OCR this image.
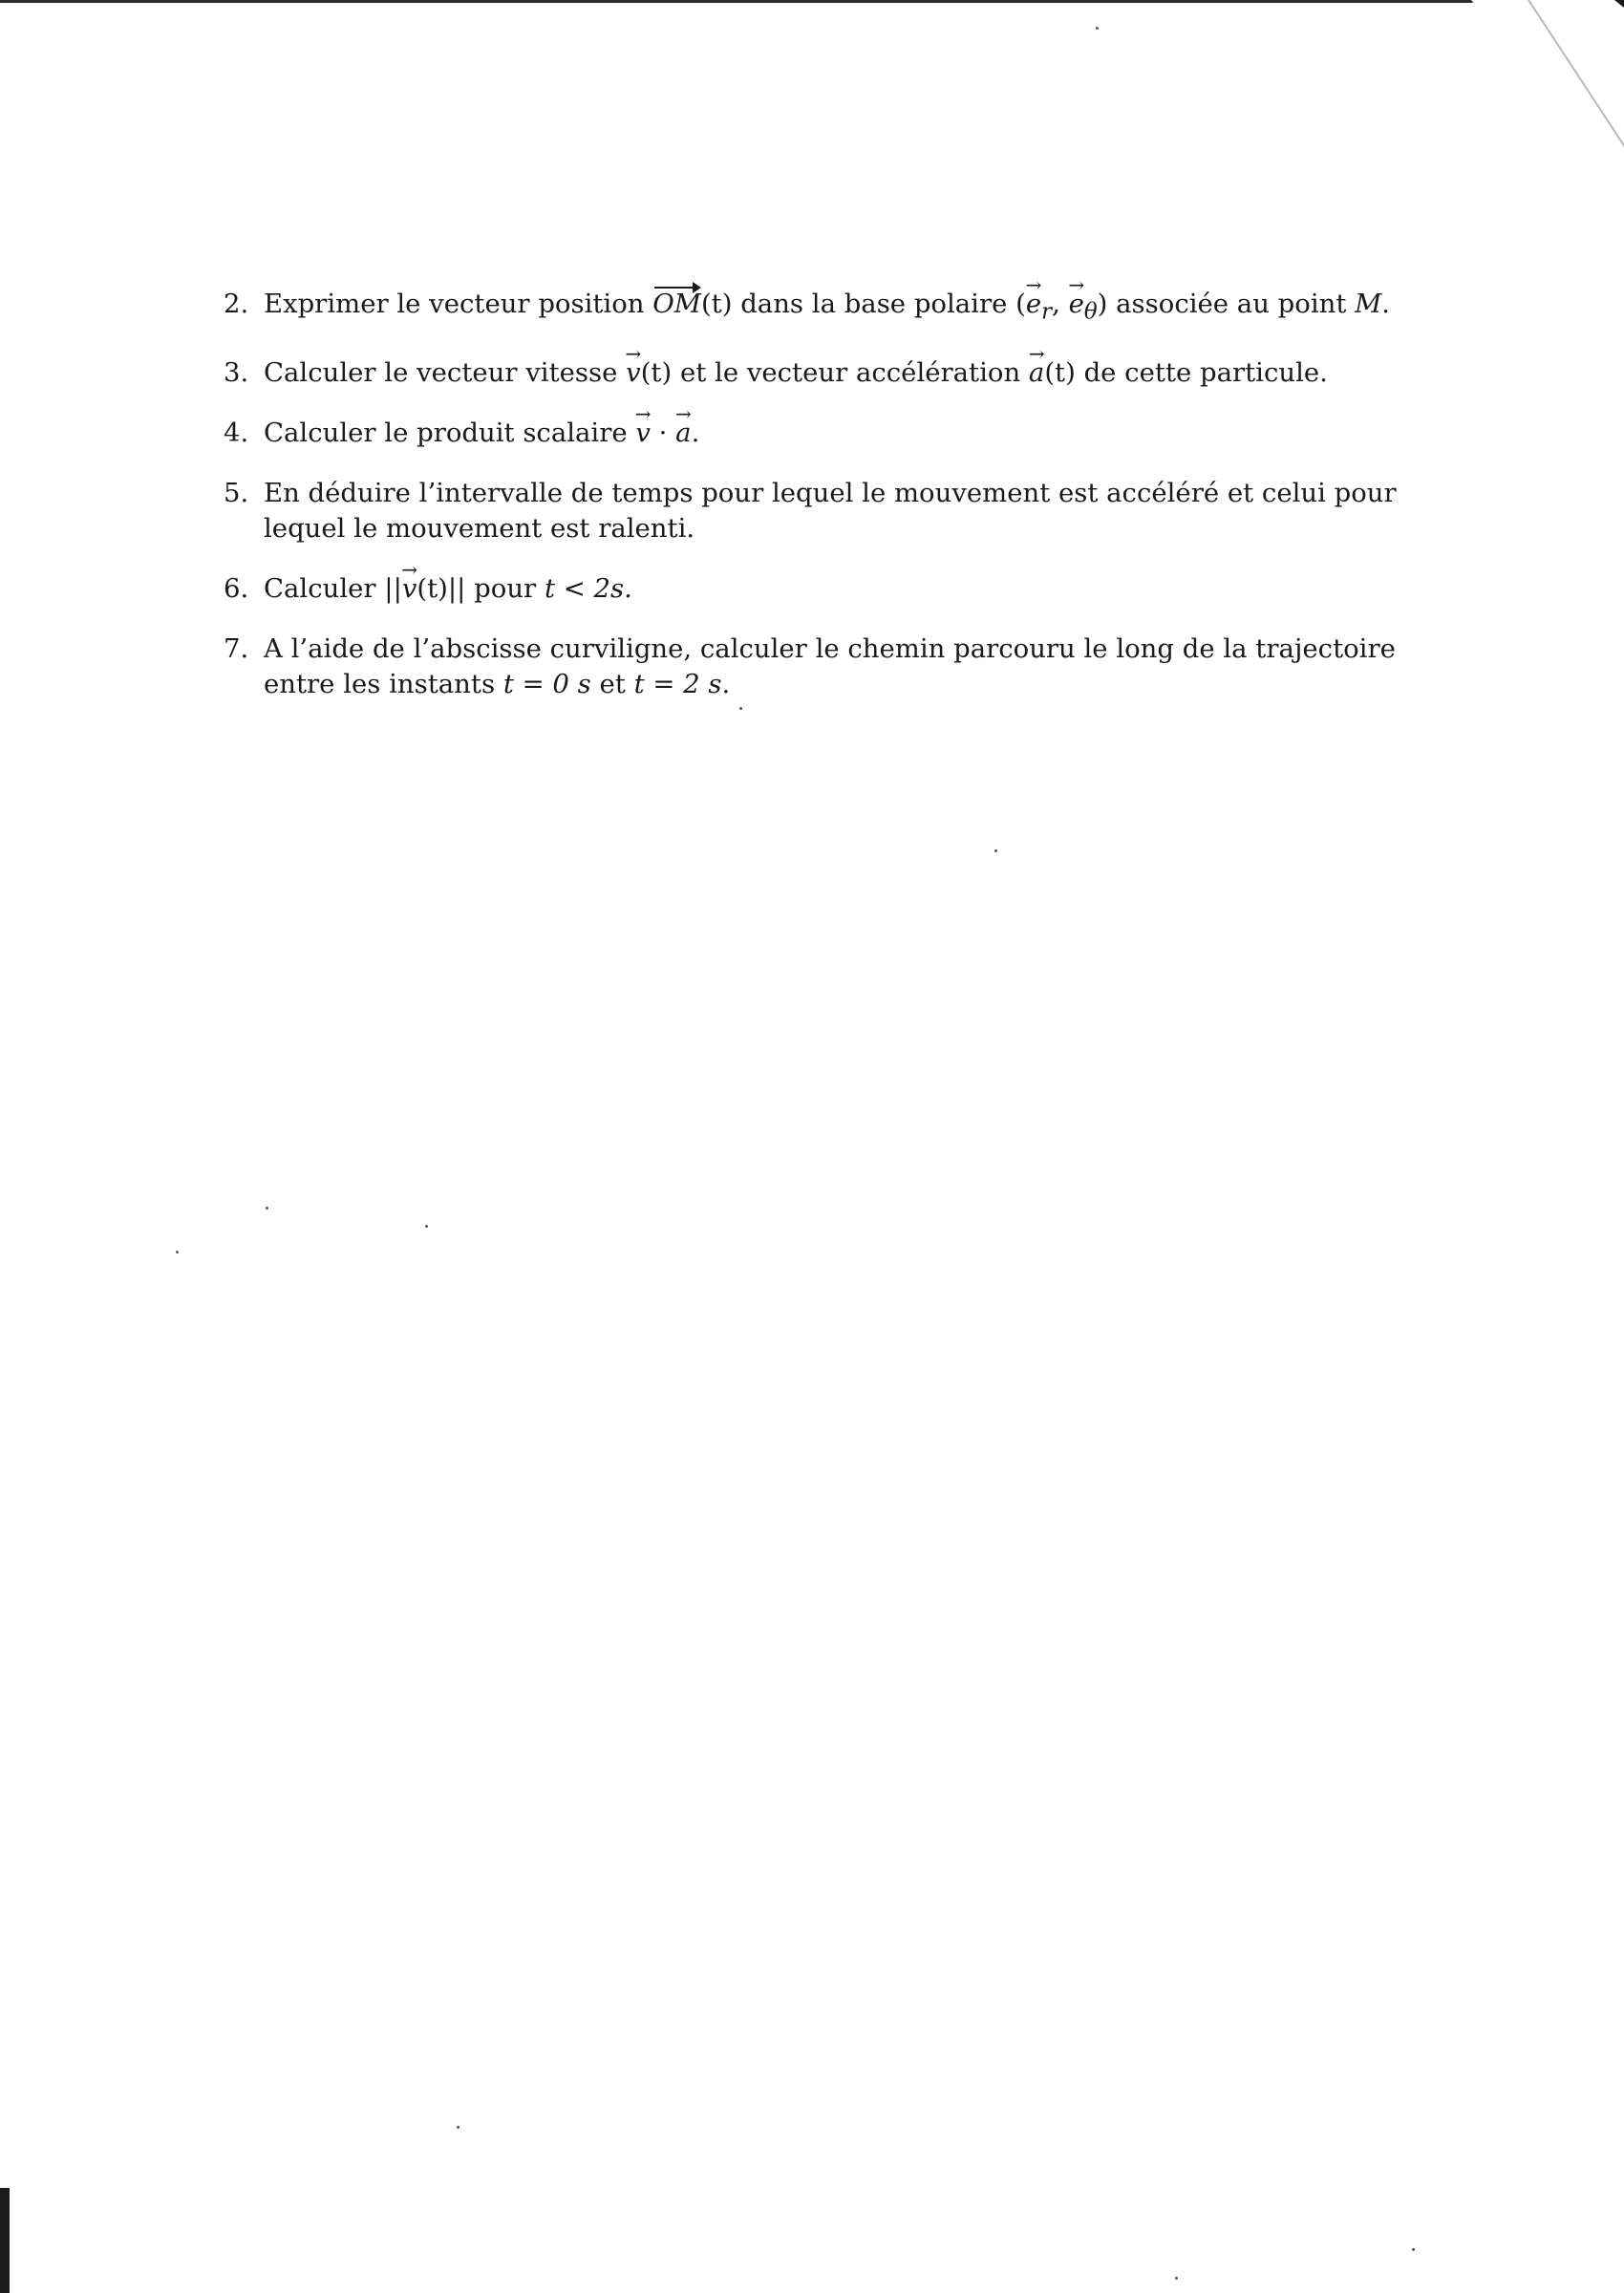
2. Exprimer le vecteur position OM(t) dans la base polaire ($e \to_r$, $e \to_\theta$) associée au point M.
3. Calculer le vecteur vitesse v →(t) et le vecteur accélération a →(t) de cette particule.
4. Calculer le produit scalaire v → · a →.
5. En déduire l’intervalle de temps pour lequel le mouvement est accéléré et celui pour lequel le mouvement est ralenti.
6. Calculer ||v →(t)|| pour t < 2s.
7. A l’aide de l’abscisse curviligne, calculer le chemin parcouru le long de la trajectoire entre les instants t = 0 s et t = 2 s.
